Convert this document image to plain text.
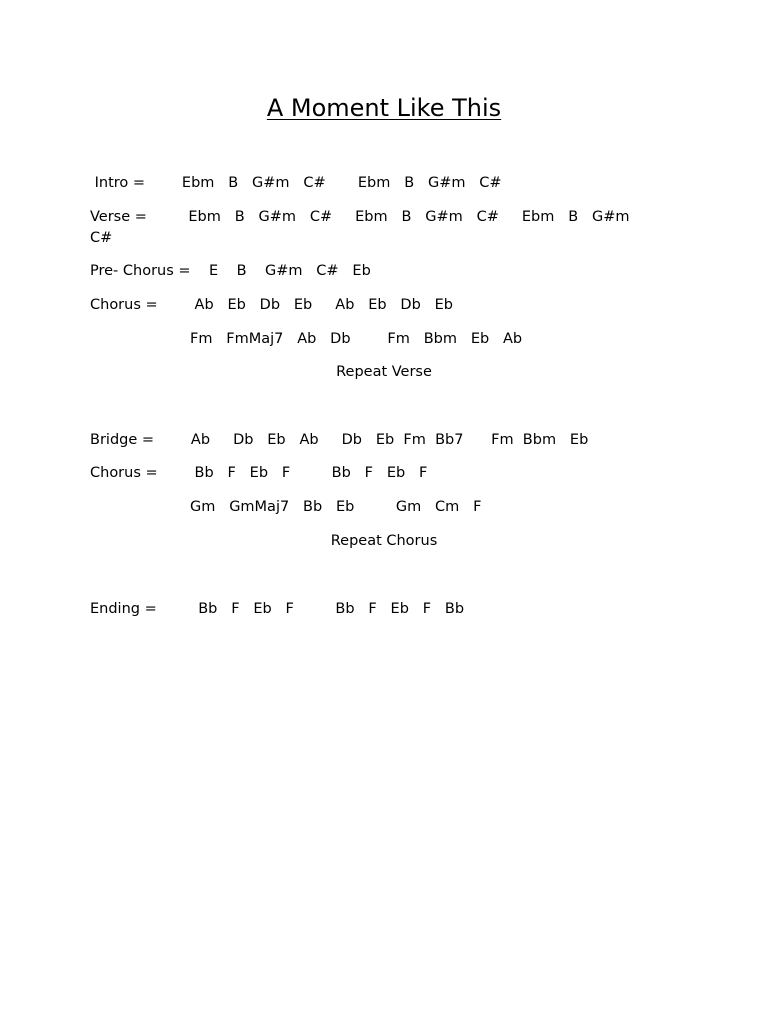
A Moment Like This
Intro =        Ebm   B   G#m   C#       Ebm   B   G#m   C#
Verse =         Ebm   B   G#m   C#     Ebm   B   G#m   C#     Ebm   B   G#m
C#
Pre- Chorus =    E    B    G#m   C#   Eb
Chorus =        Ab   Eb   Db   Eb     Ab   Eb   Db   Eb
Fm   FmMaj7   Ab   Db        Fm   Bbm   Eb   Ab
Repeat Verse
Bridge =        Ab     Db   Eb   Ab     Db   Eb  Fm  Bb7      Fm  Bbm   Eb
Chorus =        Bb   F   Eb   F         Bb   F   Eb   F
Gm   GmMaj7   Bb   Eb         Gm   Cm   F
Repeat Chorus
Ending =         Bb   F   Eb   F         Bb   F   Eb   F   Bb
